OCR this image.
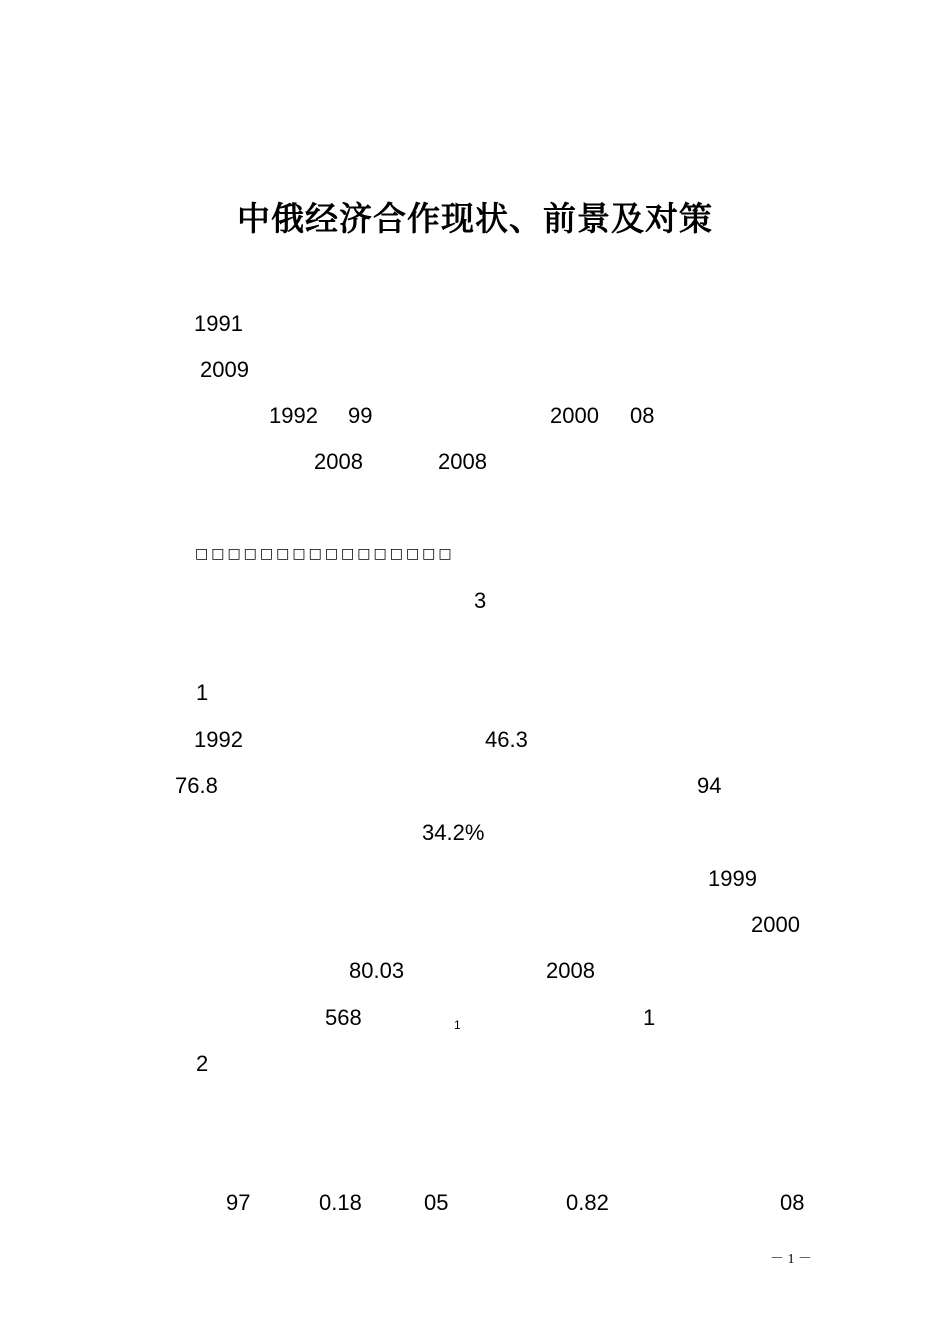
中俄经济合作现状、前景及对策
1991
2009
1992 99	2000 08
2008	2008
□□□□□□□□□□□□□□□□
3
1
1992	46.3
76.8	94
34.2%
1999
2000
80.03	2008
568	1	1
2
97	0.18	05	0.82	08
－ 1 －
